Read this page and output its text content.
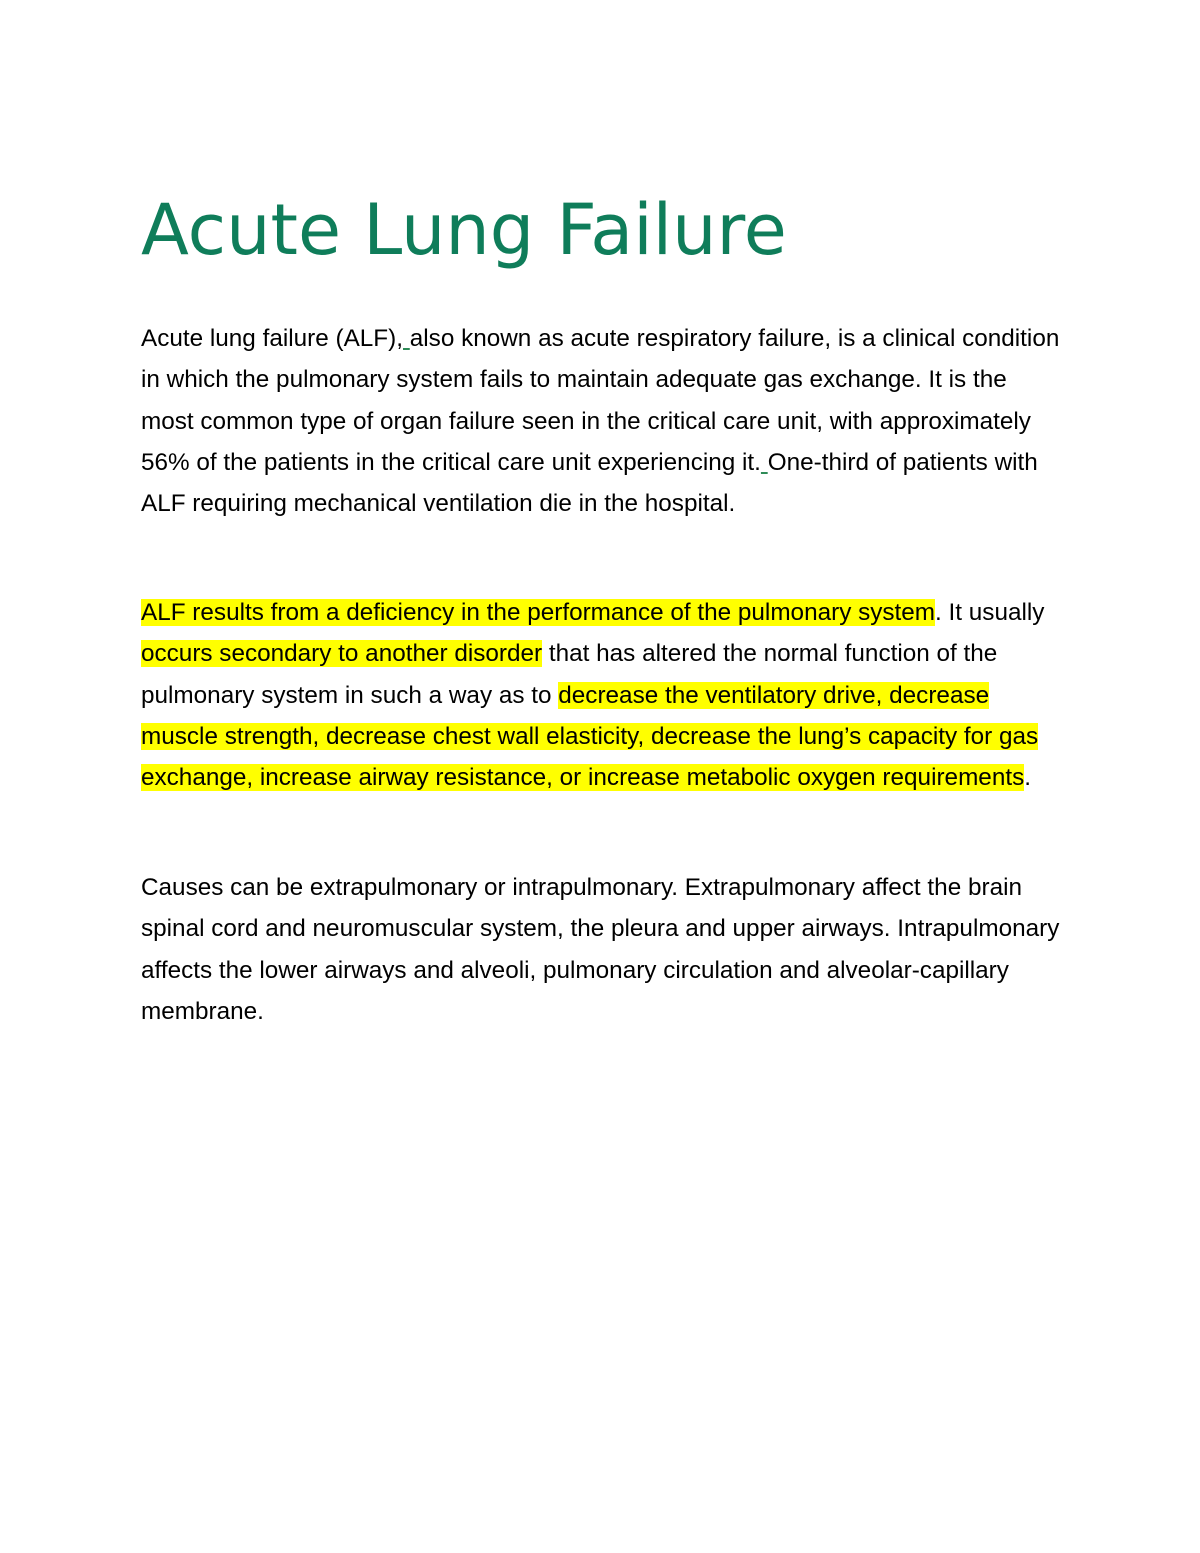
Acute Lung Failure

Acute lung failure (ALF), also known as acute respiratory failure, is a clinical condition in which the pulmonary system fails to maintain adequate gas exchange. It is the most common type of organ failure seen in the critical care unit, with approximately 56% of the patients in the critical care unit experiencing it. One-third of patients with ALF requiring mechanical ventilation die in the hospital.

ALF results from a deficiency in the performance of the pulmonary system. It usually occurs secondary to another disorder that has altered the normal function of the pulmonary system in such a way as to decrease the ventilatory drive, decrease muscle strength, decrease chest wall elasticity, decrease the lung’s capacity for gas exchange, increase airway resistance, or increase metabolic oxygen requirements.

Causes can be extrapulmonary or intrapulmonary. Extrapulmonary affect the brain spinal cord and neuromuscular system, the pleura and upper airways. Intrapulmonary affects the lower airways and alveoli, pulmonary circulation and alveolar-capillary membrane.
